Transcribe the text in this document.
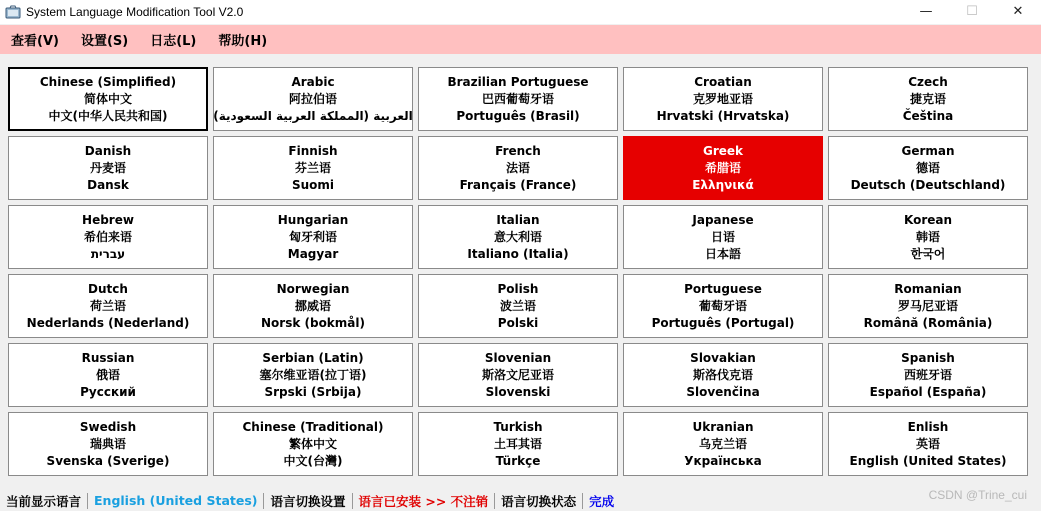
System Language Modification Tool V2.0	—	☐	✕
查看(V)	设置(S)	日志(L)	帮助(H)
Chinese (Simplified)
简体中文
中文(中华人民共和国)
Arabic
阿拉伯语
العربية (المملكة العربية السعودية)
Brazilian Portuguese
巴西葡萄牙语
Português (Brasil)
Croatian
克罗地亚语
Hrvatski (Hrvatska)
Czech
捷克语
Čeština
Danish
丹麦语
Dansk
Finnish
芬兰语
Suomi
French
法语
Français (France)
Greek
希腊语
Ελληνικά
German
德语
Deutsch (Deutschland)
Hebrew
希伯来语
עברית
Hungarian
匈牙利语
Magyar
Italian
意大利语
Italiano (Italia)
Japanese
日语
日本語
Korean
韩语
한국어
Dutch
荷兰语
Nederlands (Nederland)
Norwegian
挪威语
Norsk (bokmål)
Polish
波兰语
Polski
Portuguese
葡萄牙语
Português (Portugal)
Romanian
罗马尼亚语
Română (România)
Russian
俄语
Русский
Serbian (Latin)
塞尔维亚语(拉丁语)
Srpski (Srbija)
Slovenian
斯洛文尼亚语
Slovenski
Slovakian
斯洛伐克语
Slovenčina
Spanish
西班牙语
Español (España)
Swedish
瑞典语
Svenska (Sverige)
Chinese (Traditional)
繁体中文
中文(台灣)
Turkish
土耳其语
Türkçe
Ukranian
乌克兰语
Українська
Enlish
英语
English (United States)
当前显示语言	English (United States)	语言切换设置	语言已安装 >> 不注销	语言切换状态	完成	CSDN @Trine_cui
